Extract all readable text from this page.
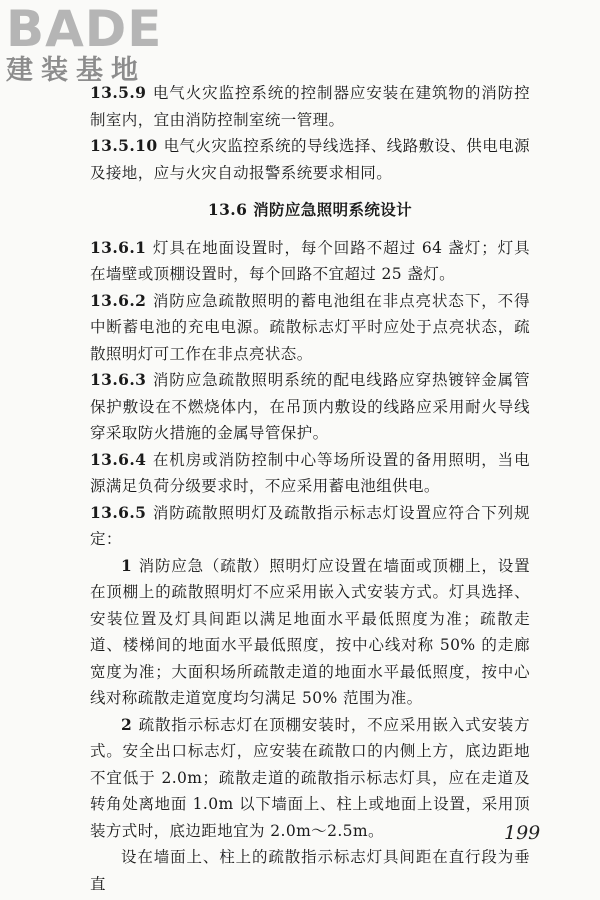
BADE
建装基地

13.5.9 电气火灾监控系统的控制器应安装在建筑物的消防控制室内，宜由消防控制室统一管理。

13.5.10 电气火灾监控系统的导线选择、线路敷设、供电电源及接地，应与火灾自动报警系统要求相同。

13.6 消防应急照明系统设计

13.6.1 灯具在地面设置时，每个回路不超过 64 盏灯；灯具在墙壁或顶棚设置时，每个回路不宜超过 25 盏灯。

13.6.2 消防应急疏散照明的蓄电池组在非点亮状态下，不得中断蓄电池的充电电源。疏散标志灯平时应处于点亮状态，疏散照明灯可工作在非点亮状态。

13.6.3 消防应急疏散照明系统的配电线路应穿热镀锌金属管保护敷设在不燃烧体内，在吊顶内敷设的线路应采用耐火导线穿采取防火措施的金属导管保护。

13.6.4 在机房或消防控制中心等场所设置的备用照明，当电源满足负荷分级要求时，不应采用蓄电池组供电。

13.6.5 消防疏散照明灯及疏散指示标志灯设置应符合下列规定：

1 消防应急（疏散）照明灯应设置在墙面或顶棚上，设置在顶棚上的疏散照明灯不应采用嵌入式安装方式。灯具选择、安装位置及灯具间距以满足地面水平最低照度为准；疏散走道、楼梯间的地面水平最低照度，按中心线对称 50% 的走廊宽度为准；大面积场所疏散走道的地面水平最低照度，按中心线对称疏散走道宽度均匀满足 50% 范围为准。

2 疏散指示标志灯在顶棚安装时，不应采用嵌入式安装方式。安全出口标志灯，应安装在疏散口的内侧上方，底边距地不宜低于 2.0m；疏散走道的疏散指示标志灯具，应在走道及转角处离地面 1.0m 以下墙面上、柱上或地面上设置，采用顶装方式时，底边距地宜为 2.0m～2.5m。

设在墙面上、柱上的疏散指示标志灯具间距在直行段为垂直

199
